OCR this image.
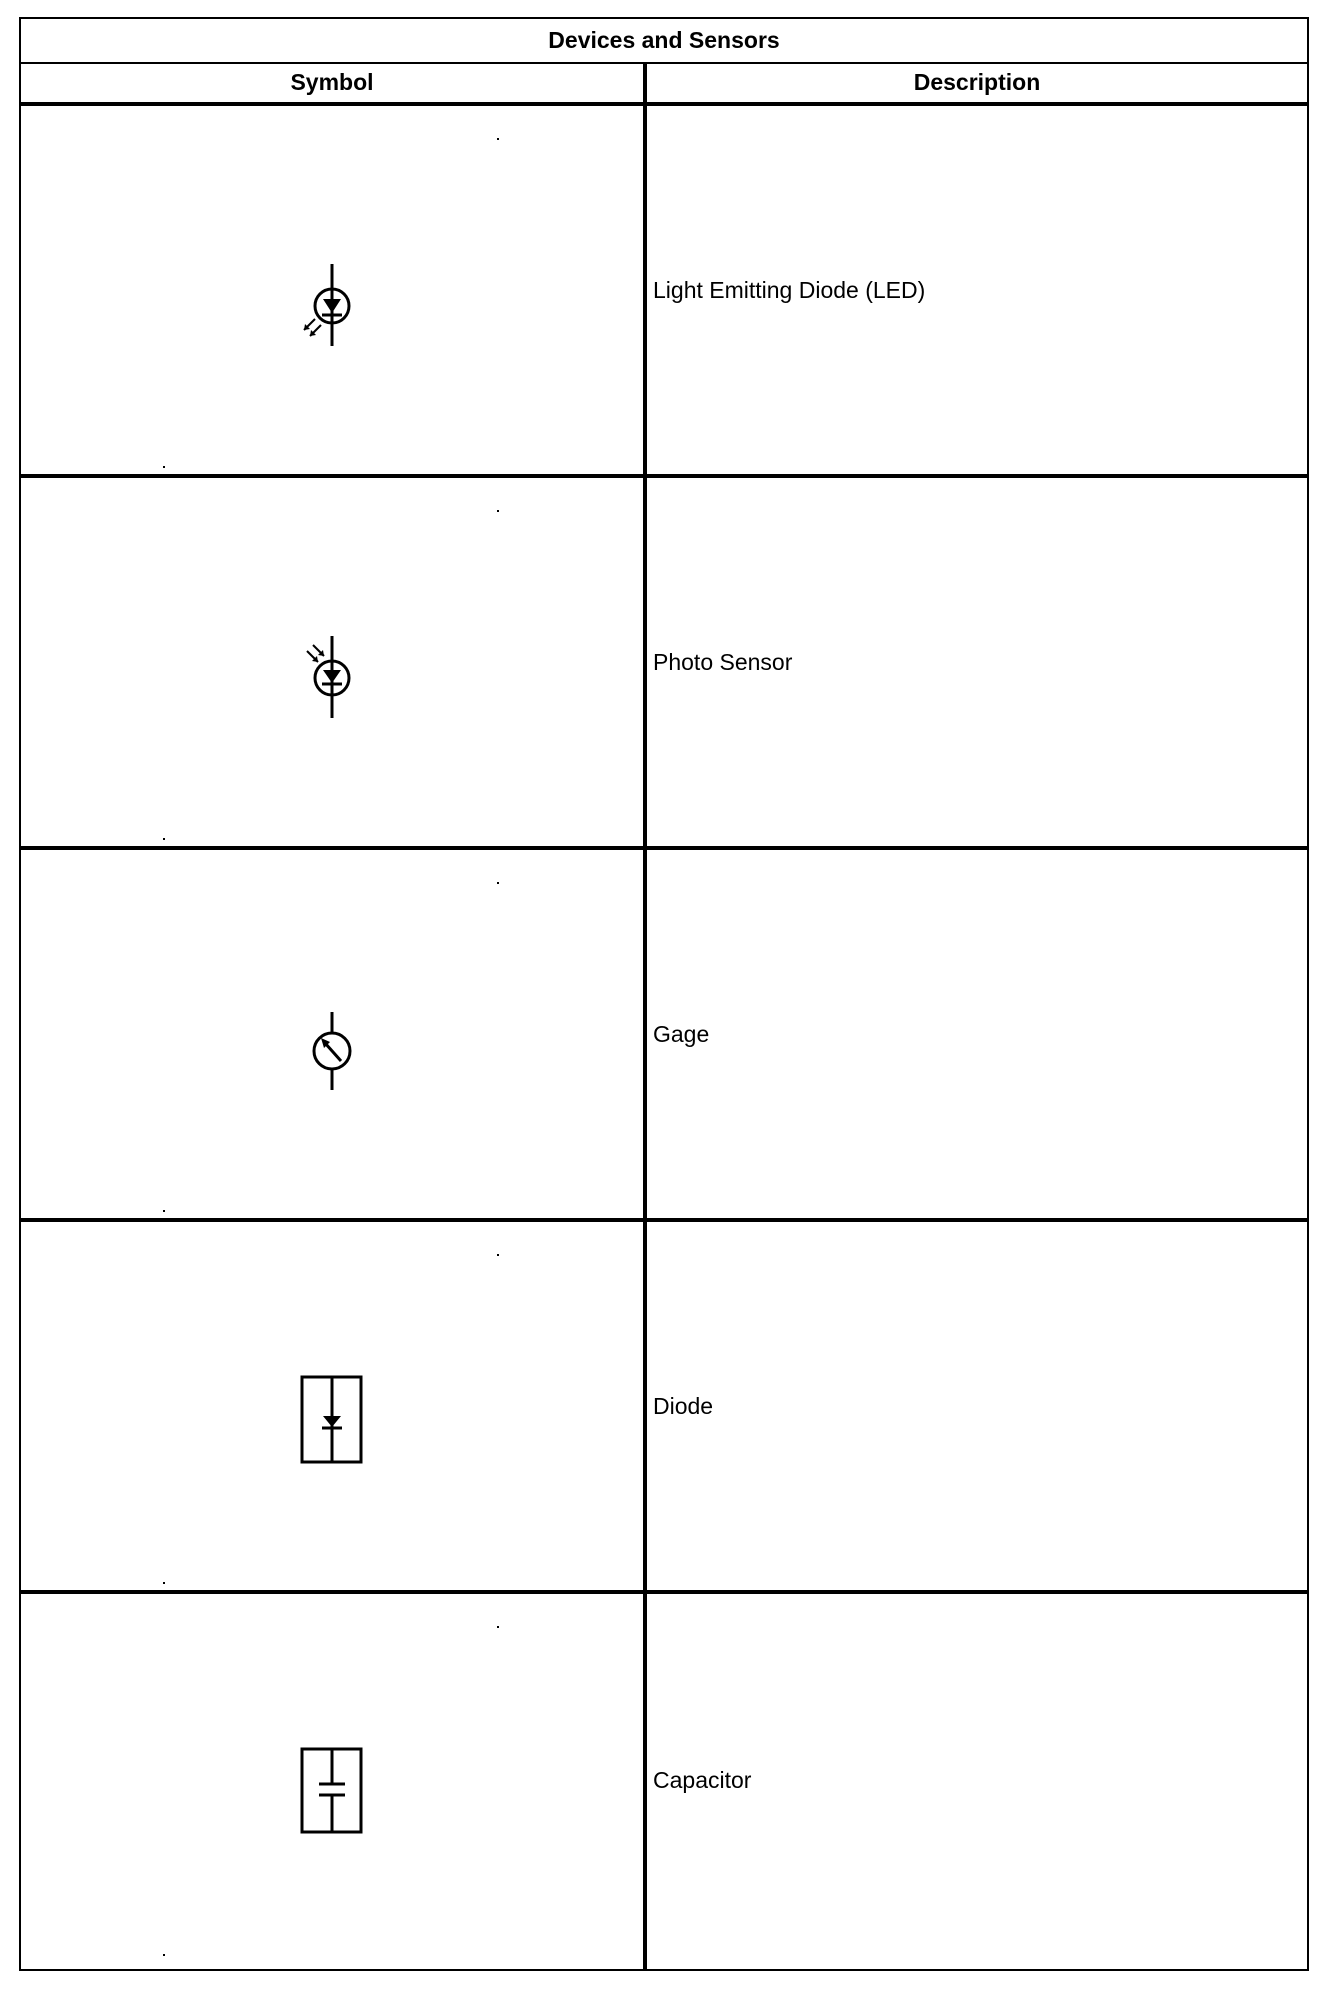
Devices and Sensors
Symbol	Description
Light Emitting Diode (LED)
Photo Sensor
Gage
Diode
Capacitor
